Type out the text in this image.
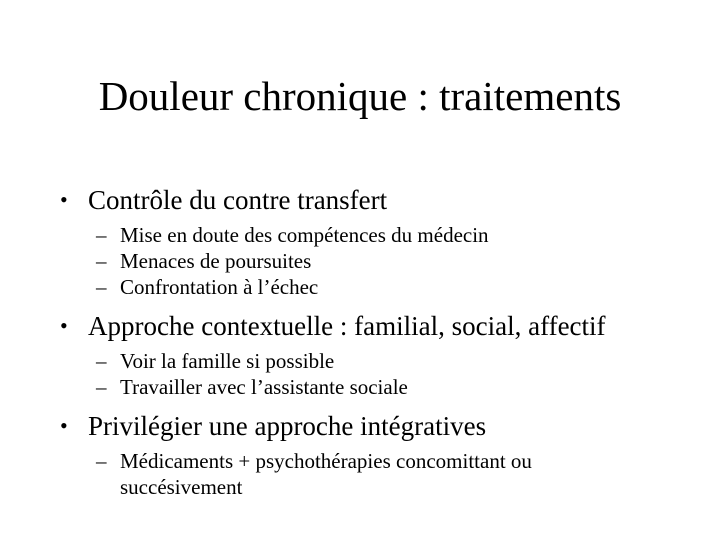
Douleur chronique : traitements
• Contrôle du contre transfert
– Mise en doute des compétences du médecin
– Menaces de poursuites
– Confrontation à l’échec
• Approche contextuelle : familial, social, affectif
– Voir la famille si possible
– Travailler avec l’assistante sociale
• Privilégier une approche intégratives
– Médicaments + psychothérapies concomittant ou succésivement
